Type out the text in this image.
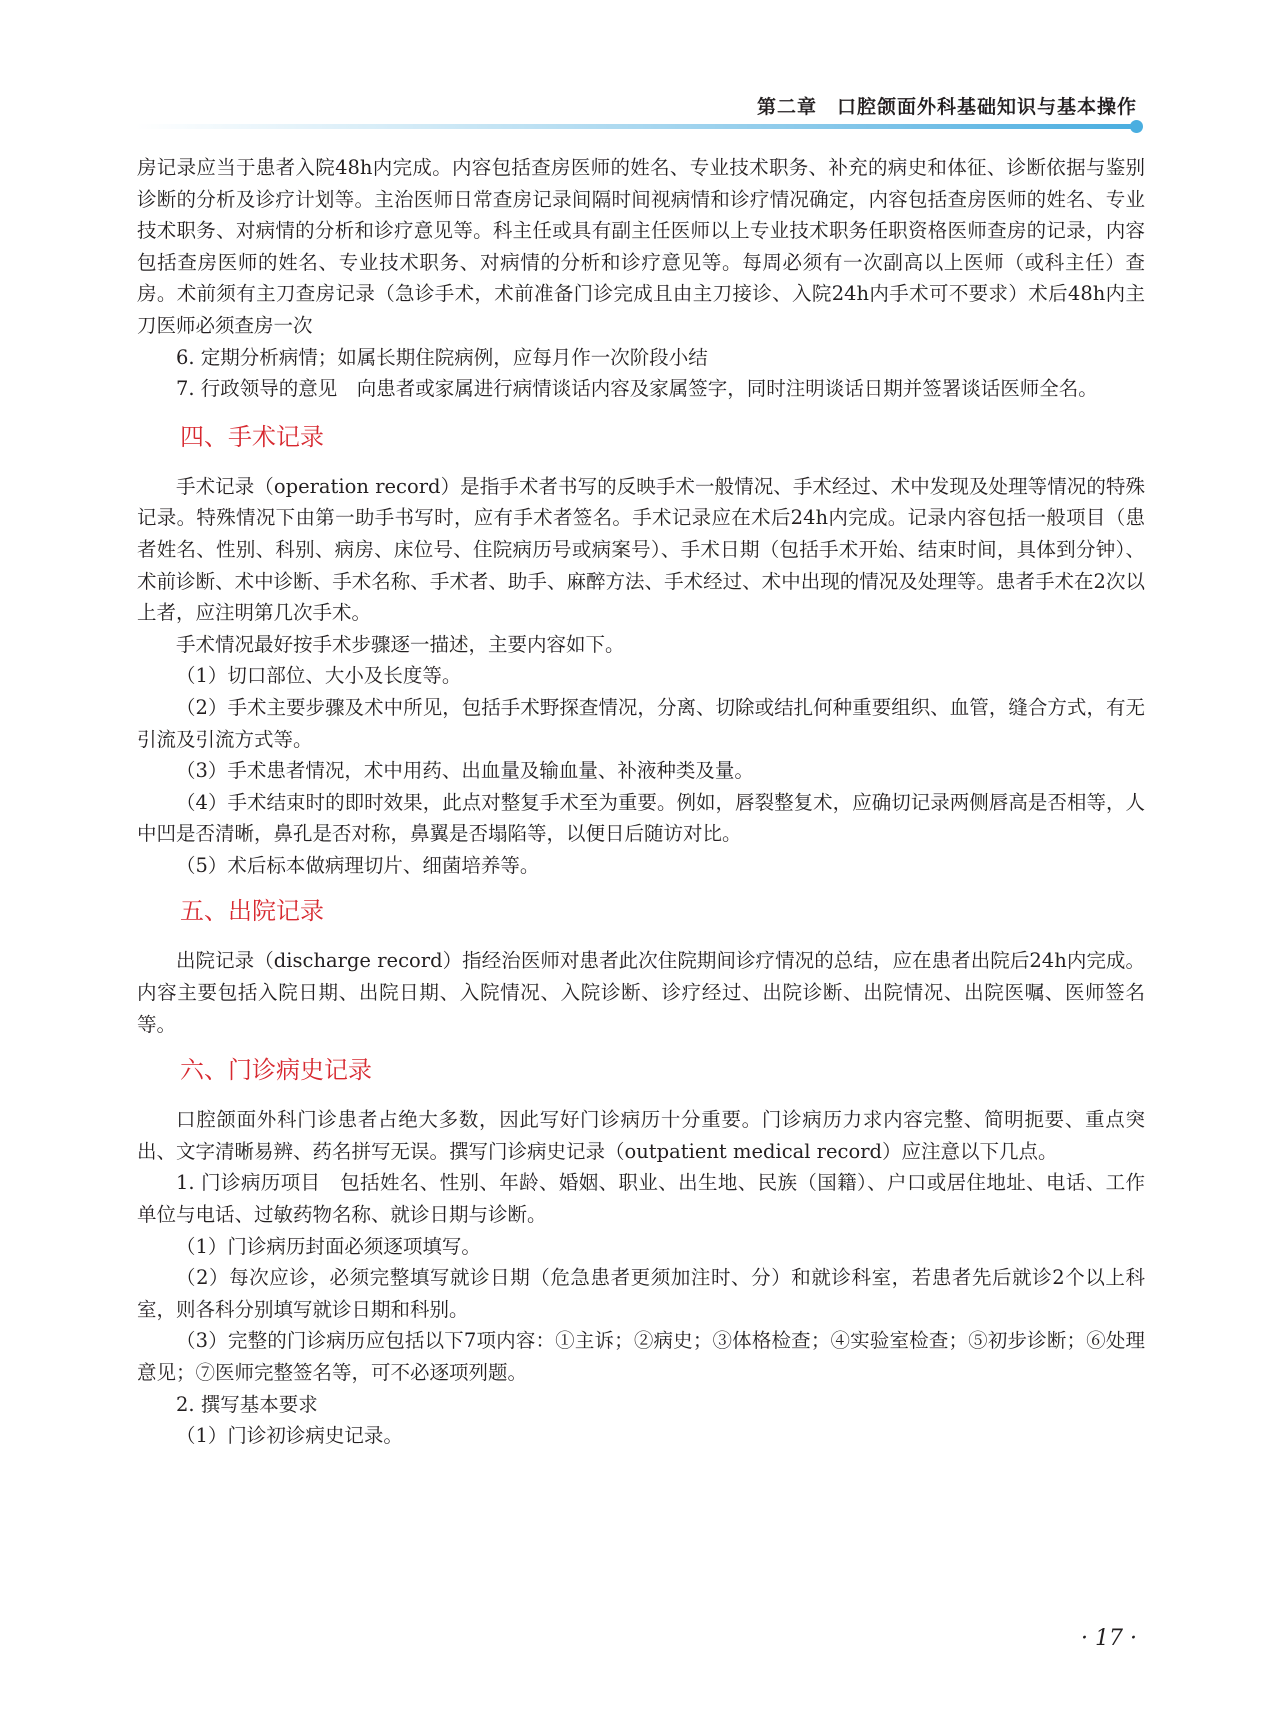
第二章　口腔颌面外科基础知识与基本操作

房记录应当于患者入院48h内完成。内容包括查房医师的姓名、专业技术职务、补充的病史和体征、诊断依据与鉴别诊断的分析及诊疗计划等。主治医师日常查房记录间隔时间视病情和诊疗情况确定，内容包括查房医师的姓名、专业技术职务、对病情的分析和诊疗意见等。科主任或具有副主任医师以上专业技术职务任职资格医师查房的记录，内容包括查房医师的姓名、专业技术职务、对病情的分析和诊疗意见等。每周必须有一次副高以上医师（或科主任）查房。术前须有主刀查房记录（急诊手术，术前准备门诊完成且由主刀接诊、入院24h内手术可不要求）术后48h内主刀医师必须查房一次

6. 定期分析病情；如属长期住院病例，应每月作一次阶段小结

7. 行政领导的意见　向患者或家属进行病情谈话内容及家属签字，同时注明谈话日期并签署谈话医师全名。

四、手术记录

手术记录（operation record）是指手术者书写的反映手术一般情况、手术经过、术中发现及处理等情况的特殊记录。特殊情况下由第一助手书写时，应有手术者签名。手术记录应在术后24h内完成。记录内容包括一般项目（患者姓名、性别、科别、病房、床位号、住院病历号或病案号）、手术日期（包括手术开始、结束时间，具体到分钟）、术前诊断、术中诊断、手术名称、手术者、助手、麻醉方法、手术经过、术中出现的情况及处理等。患者手术在2次以上者，应注明第几次手术。

手术情况最好按手术步骤逐一描述，主要内容如下。

（1）切口部位、大小及长度等。

（2）手术主要步骤及术中所见，包括手术野探查情况，分离、切除或结扎何种重要组织、血管，缝合方式，有无引流及引流方式等。

（3）手术患者情况，术中用药、出血量及输血量、补液种类及量。

（4）手术结束时的即时效果，此点对整复手术至为重要。例如，唇裂整复术，应确切记录两侧唇高是否相等，人中凹是否清晰，鼻孔是否对称，鼻翼是否塌陷等，以便日后随访对比。

（5）术后标本做病理切片、细菌培养等。

五、出院记录

出院记录（discharge record）指经治医师对患者此次住院期间诊疗情况的总结，应在患者出院后24h内完成。内容主要包括入院日期、出院日期、入院情况、入院诊断、诊疗经过、出院诊断、出院情况、出院医嘱、医师签名等。

六、门诊病史记录

口腔颌面外科门诊患者占绝大多数，因此写好门诊病历十分重要。门诊病历力求内容完整、简明扼要、重点突出、文字清晰易辨、药名拼写无误。撰写门诊病史记录（outpatient medical record）应注意以下几点。

1. 门诊病历项目　包括姓名、性别、年龄、婚姻、职业、出生地、民族（国籍）、户口或居住地址、电话、工作单位与电话、过敏药物名称、就诊日期与诊断。

（1）门诊病历封面必须逐项填写。

（2）每次应诊，必须完整填写就诊日期（危急患者更须加注时、分）和就诊科室，若患者先后就诊2个以上科室，则各科分别填写就诊日期和科别。

（3）完整的门诊病历应包括以下7项内容：①主诉；②病史；③体格检查；④实验室检查；⑤初步诊断；⑥处理意见；⑦医师完整签名等，可不必逐项列题。

2. 撰写基本要求

（1）门诊初诊病史记录。

· 17 ·
